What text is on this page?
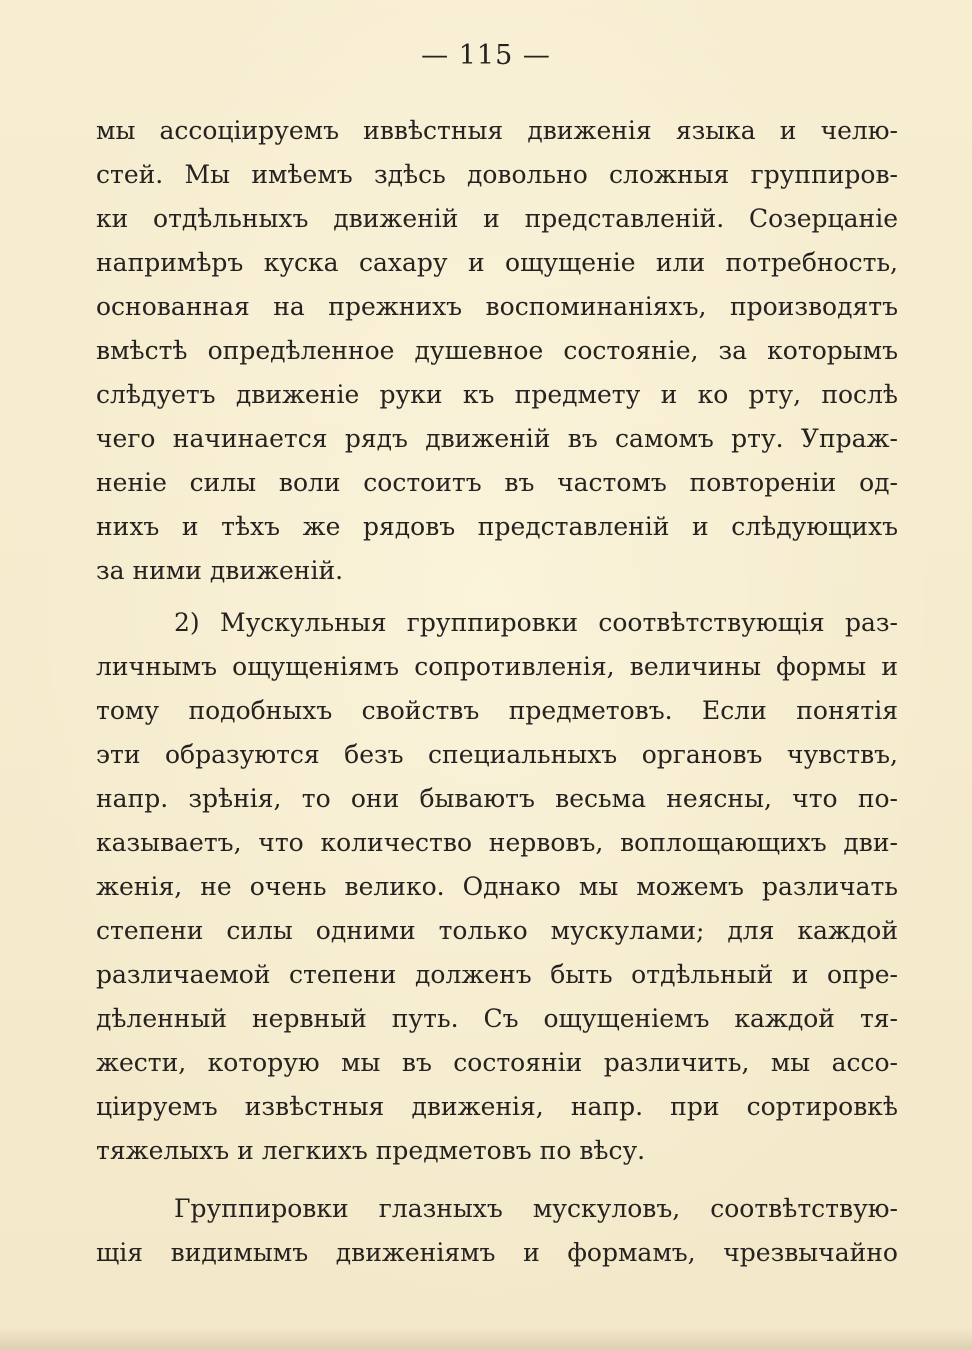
— 115 —
мы ассоцiируемъ иввѣстныя движенiя языка и челю-
стей. Мы имѣемъ здѣсь довольно сложныя группиров-
ки отдѣльныхъ движенiй и представленiй. Созерцанiе
напримѣръ куска сахару и ощущенiе или потребность,
основанная на прежнихъ воспоминанiяхъ, производятъ
вмѣстѣ опредѣленное душевное состоянiе, за которымъ
слѣдуетъ движенiе руки къ предмету и ко рту, послѣ
чего начинается рядъ движенiй въ самомъ рту. Упраж-
ненiе силы воли состоитъ въ частомъ повторенiи од-
нихъ и тѣхъ же рядовъ представленiй и слѣдующихъ
за ними движенiй.
2) Мускульныя группировки соотвѣтствующiя раз-
личнымъ ощущенiямъ сопротивленiя, величины формы и
тому подобныхъ свойствъ предметовъ. Если понятiя
эти образуются безъ специальныхъ органовъ чувствъ,
напр. зрѣнiя, то они бываютъ весьма неясны, что по-
казываетъ, что количество нервовъ, воплощающихъ дви-
женiя, не очень велико. Однако мы можемъ различать
степени силы одними только мускулами; для каждой
различаемой степени долженъ быть отдѣльный и опре-
дѣленный нервный путь. Съ ощущенiемъ каждой тя-
жести, которую мы въ состоянiи различить, мы ассо-
цiируемъ извѣстныя движенiя, напр. при сортировкѣ
тяжелыхъ и легкихъ предметовъ по вѣсу.
Группировки глазныхъ мускуловъ, соотвѣтствую-
щiя видимымъ движенiямъ и формамъ, чрезвычайно
